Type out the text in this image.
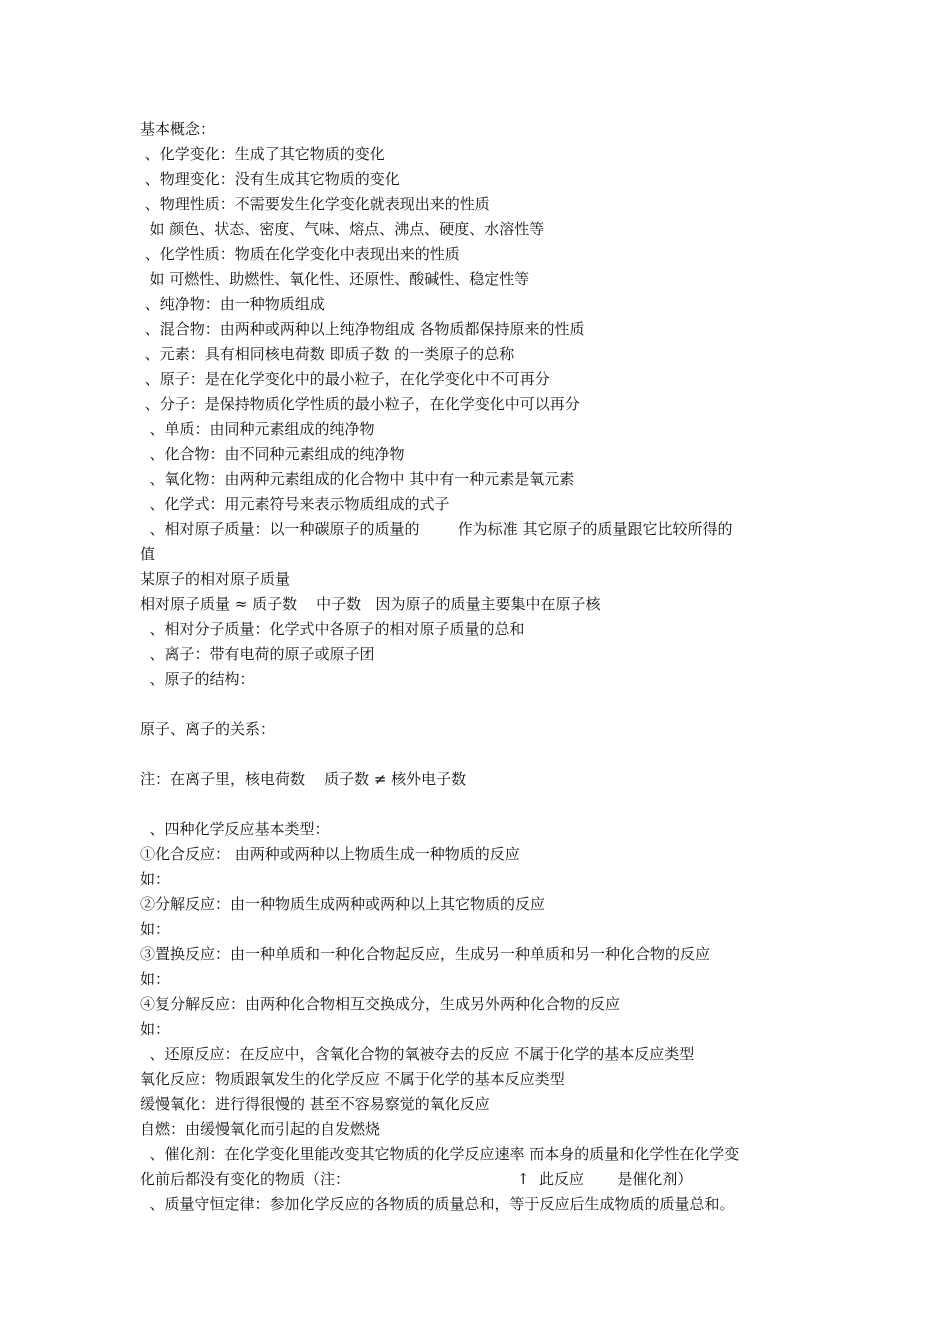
基本概念：
、化学变化：生成了其它物质的变化
、物理变化：没有生成其它物质的变化
、物理性质：不需要发生化学变化就表现出来的性质
如 颜色、状态、密度、气味、熔点、沸点、硬度、水溶性等
、化学性质：物质在化学变化中表现出来的性质
如 可燃性、助燃性、氧化性、还原性、酸碱性、稳定性等
、纯净物：由一种物质组成
、混合物：由两种或两种以上纯净物组成 各物质都保持原来的性质
、元素：具有相同核电荷数 即质子数 的一类原子的总称
、原子：是在化学变化中的最小粒子，在化学变化中不可再分
、分子：是保持物质化学性质的最小粒子，在化学变化中可以再分
、单质：由同种元素组成的纯净物
、化合物：由不同种元素组成的纯净物
、氧化物：由两种元素组成的化合物中 其中有一种元素是氧元素
、化学式：用元素符号来表示物质组成的式子
、相对原子质量：以一种碳原子的质量的        作为标准 其它原子的质量跟它比较所得的
值
某原子的相对原子质量
相对原子质量 ≈ 质子数    中子数   因为原子的质量主要集中在原子核
、相对分子质量：化学式中各原子的相对原子质量的总和
、离子：带有电荷的原子或原子团
、原子的结构：
原子、离子的关系：
注：在离子里，核电荷数    质子数 ≠ 核外电子数
、四种化学反应基本类型：
①化合反应： 由两种或两种以上物质生成一种物质的反应
如：
②分解反应：由一种物质生成两种或两种以上其它物质的反应
如：
③置换反应：由一种单质和一种化合物起反应，生成另一种单质和另一种化合物的反应
如：
④复分解反应：由两种化合物相互交换成分，生成另外两种化合物的反应
如：
、还原反应：在反应中，含氧化合物的氧被夺去的反应 不属于化学的基本反应类型
氧化反应：物质跟氧发生的化学反应 不属于化学的基本反应类型
缓慢氧化：进行得很慢的 甚至不容易察觉的氧化反应
自燃：由缓慢氧化而引起的自发燃烧
、催化剂：在化学变化里能改变其它物质的化学反应速率 而本身的质量和化学性在化学变
化前后都没有变化的物质（注：                                   ↑  此反应       是催化剂）
、质量守恒定律：参加化学反应的各物质的质量总和，等于反应后生成物质的质量总和。
